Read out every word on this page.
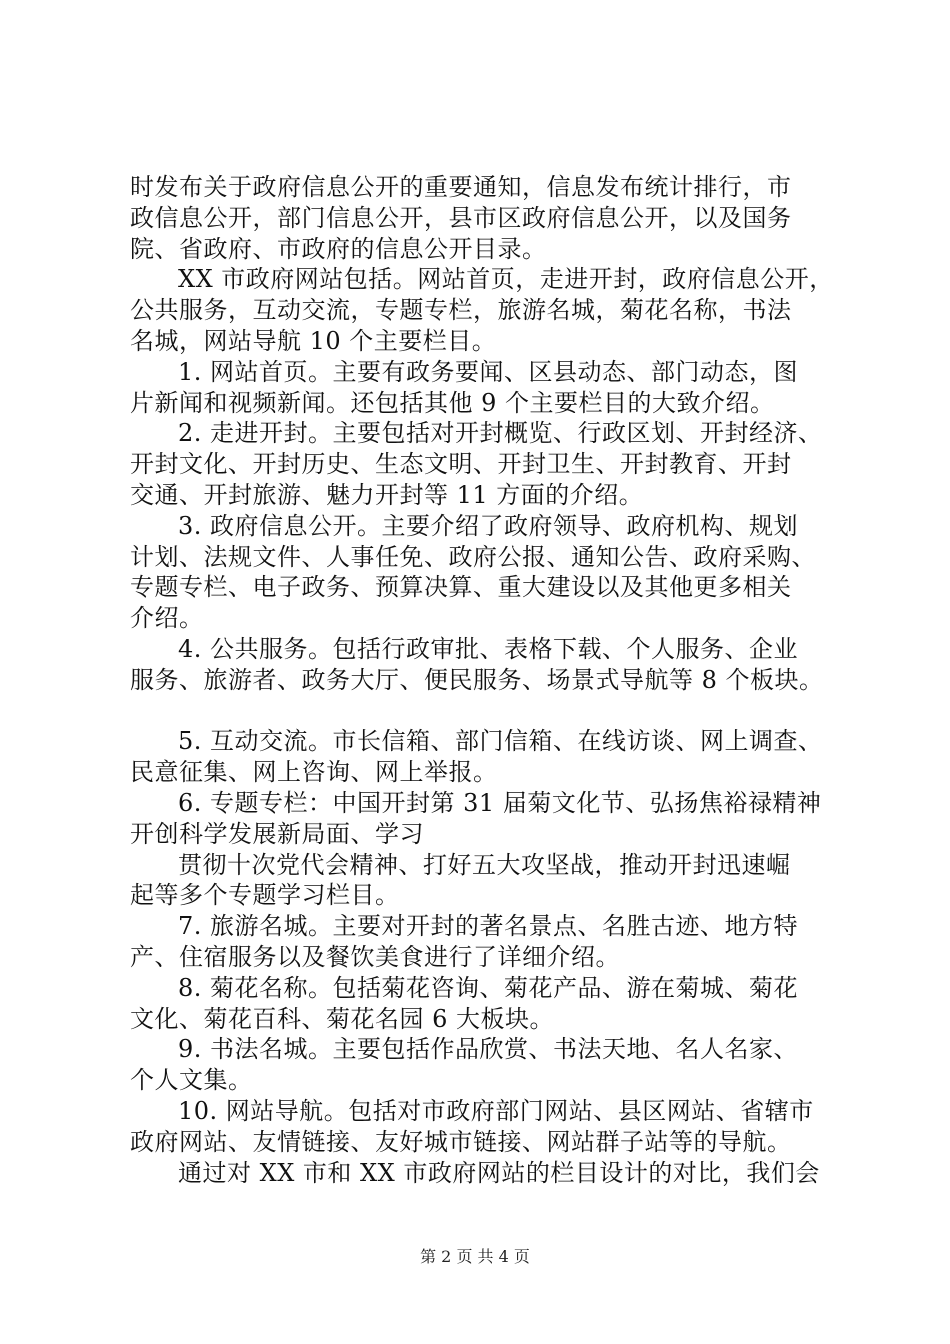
时发布关于政府信息公开的重要通知，信息发布统计排行，市
政信息公开，部门信息公开，县市区政府信息公开，以及国务
院、省政府、市政府的信息公开目录。
XX 市政府网站包括。网站首页，走进开封，政府信息公开，
公共服务，互动交流，专题专栏，旅游名城，菊花名称，书法
名城，网站导航 10 个主要栏目。
1. 网站首页。主要有政务要闻、区县动态、部门动态，图
片新闻和视频新闻。还包括其他 9 个主要栏目的大致介绍。
2. 走进开封。主要包括对开封概览、行政区划、开封经济、
开封文化、开封历史、生态文明、开封卫生、开封教育、开封
交通、开封旅游、魅力开封等 11 方面的介绍。
3. 政府信息公开。主要介绍了政府领导、政府机构、规划
计划、法规文件、人事任免、政府公报、通知公告、政府采购、
专题专栏、电子政务、预算决算、重大建设以及其他更多相关
介绍。
4. 公共服务。包括行政审批、表格下载、个人服务、企业
服务、旅游者、政务大厅、便民服务、场景式导航等 8 个板块。
5. 互动交流。市长信箱、部门信箱、在线访谈、网上调查、
民意征集、网上咨询、网上举报。
6. 专题专栏：中国开封第 31 届菊文化节、弘扬焦裕禄精神
开创科学发展新局面、学习
贯彻十次党代会精神、打好五大攻坚战，推动开封迅速崛
起等多个专题学习栏目。
7. 旅游名城。主要对开封的著名景点、名胜古迹、地方特
产、住宿服务以及餐饮美食进行了详细介绍。
8. 菊花名称。包括菊花咨询、菊花产品、游在菊城、菊花
文化、菊花百科、菊花名园 6 大板块。
9. 书法名城。主要包括作品欣赏、书法天地、名人名家、
个人文集。
10. 网站导航。包括对市政府部门网站、县区网站、省辖市
政府网站、友情链接、友好城市链接、网站群子站等的导航。
通过对 XX 市和 XX 市政府网站的栏目设计的对比，我们会
第 2 页 共 4 页
